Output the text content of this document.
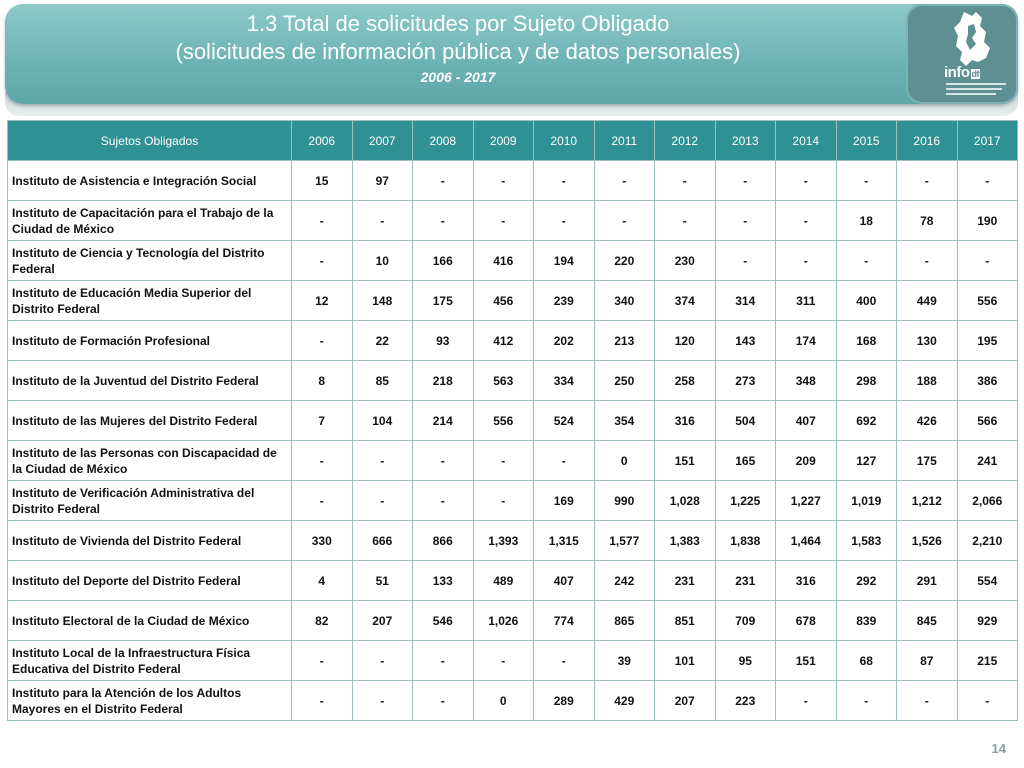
1.3 Total de solicitudes por Sujeto Obligado
(solicitudes de información pública y de datos personales)
2006 - 2017	info df
Sujetos Obligados	2006	2007	2008	2009	2010	2011	2012	2013	2014	2015	2016	2017
Instituto de Asistencia e Integración Social	15	97	-	-	-	-	-	-	-	-	-	-
Instituto de Capacitación para el Trabajo de la Ciudad de México	-	-	-	-	-	-	-	-	-	18	78	190
Instituto de Ciencia y Tecnología del Distrito Federal	-	10	166	416	194	220	230	-	-	-	-	-
Instituto de Educación Media Superior del Distrito Federal	12	148	175	456	239	340	374	314	311	400	449	556
Instituto de Formación Profesional	-	22	93	412	202	213	120	143	174	168	130	195
Instituto de la Juventud del Distrito Federal	8	85	218	563	334	250	258	273	348	298	188	386
Instituto de las Mujeres del Distrito Federal	7	104	214	556	524	354	316	504	407	692	426	566
Instituto de las Personas con Discapacidad de la Ciudad de México	-	-	-	-	-	0	151	165	209	127	175	241
Instituto de Verificación Administrativa del Distrito Federal	-	-	-	-	169	990	1,028	1,225	1,227	1,019	1,212	2,066
Instituto de Vivienda del Distrito Federal	330	666	866	1,393	1,315	1,577	1,383	1,838	1,464	1,583	1,526	2,210
Instituto del Deporte del Distrito Federal	4	51	133	489	407	242	231	231	316	292	291	554
Instituto Electoral de la Ciudad de México	82	207	546	1,026	774	865	851	709	678	839	845	929
Instituto Local de la Infraestructura Física Educativa del Distrito Federal	-	-	-	-	-	39	101	95	151	68	87	215
Instituto para la Atención de los Adultos Mayores en el Distrito Federal	-	-	-	0	289	429	207	223	-	-	-	-
14
